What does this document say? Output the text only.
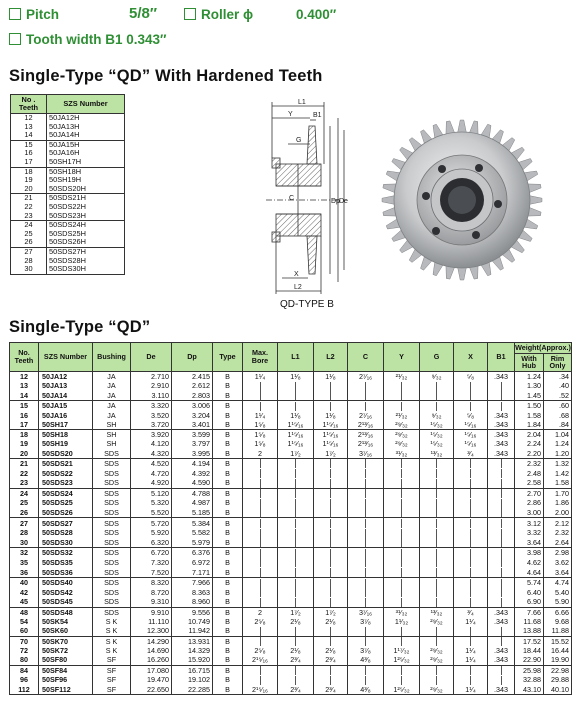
Pitch	5/8″	Roller ϕ	0.400″
Tooth width B1 0.343″
Single-Type “QD” With Hardened Teeth
No . Teeth	SZS Number
12	50JA12H
13	50JA13H
14	50JA14H
15	50JA15H
16	50JA16H
17	50SH17H
18	50SH18H
19	50SH19H
20	50SDS20H
21	50SDS21H
22	50SDS22H
23	50SDS23H
24	50SDS24H
25	50SDS25H
26	50SDS26H
27	50SDS27H
28	50SDS28H
30	50SDS30H
L1
Y	B1
G
C	Dp De
X
L2
QD-TYPE B
Single-Type “QD”
No. Teeth	SZS Number	Bushing	De	Dp	Type	Max. Bore	L1	L2	C	Y	G	X	B1	Weight(Approx.)	
														With Hub	Rim Only
12	50JA12	JA	2.710	2.415	B	1¹⁄₄	1¹⁄₈	1¹⁄₈	2⁷⁄₁₆	²¹⁄₃₂	⁹⁄₃₂	⁵⁄₈	.343	1.24	.34
13	50JA13	JA	2.910	2.612	B									1.30	.40
14	50JA14	JA	3.110	2.803	B									1.45	.52
15	50JA15	JA	3.320	3.006	B									1.50	.60
16	50JA16	JA	3.520	3.204	B	1¹⁄₄	1¹⁄₈	1¹⁄₈	2⁷⁄₁₆	²¹⁄₃₂	⁹⁄₃₂	⁵⁄₈	.343	1.58	.68
17	50SH17	SH	3.720	3.401	B	1⁵⁄₈	1¹⁵⁄₁₆	1¹⁵⁄₁₆	2¹³⁄₁₆	²⁹⁄₃₂	¹⁵⁄₃₂	¹⁵⁄₁₆	.343	1.84	.84
18	50SH18	SH	3.920	3.599	B	1⁵⁄₈	1¹⁵⁄₁₆	1¹⁵⁄₁₆	2¹³⁄₁₆	²⁹⁄₃₂	¹⁵⁄₃₂	¹⁵⁄₁₆	.343	2.04	1.04
19	50SH19	SH	4.120	3.797	B	1⁵⁄₈	1¹⁵⁄₁₆	1¹⁵⁄₁₆	2¹³⁄₁₆	²⁹⁄₃₂	¹⁵⁄₃₂	¹⁵⁄₁₆	.343	2.24	1.24
20	50SDS20	SDS	4.320	3.995	B	2	1⁷⁄₂	1⁷⁄₂	3⁷⁄₁₆	³¹⁄₃₂	¹³⁄₃₂	³⁄₄	.343	2.20	1.20
21	50SDS21	SDS	4.520	4.194	B									2.32	1.32
22	50SDS22	SDS	4.720	4.392	B									2.48	1.42
23	50SDS23	SDS	4.920	4.590	B									2.58	1.58
24	50SDS24	SDS	5.120	4.788	B									2.70	1.70
25	50SDS25	SDS	5.320	4.987	B									2.86	1.86
26	50SDS26	SDS	5.520	5.185	B									3.00	2.00
27	50SDS27	SDS	5.720	5.384	B									3.12	2.12
28	50SDS28	SDS	5.920	5.582	B									3.32	2.32
30	50SDS30	SDS	6.320	5.979	B									3.64	2.64
32	50SDS32	SDS	6.720	6.376	B									3.98	2.98
35	50SDS35	SDS	7.320	6.972	B									4.62	3.62
36	50SDS36	SDS	7.520	7.171	B									4.64	3.64
40	50SDS40	SDS	8.320	7.966	B									5.74	4.74
42	50SDS42	SDS	8.720	8.363	B									6.40	5.40
45	50SDS45	SDS	9.310	8.960	B									6.90	5.90
48	50SDS48	SDS	9.910	9.556	B	2	1⁷⁄₂	1⁷⁄₂	3⁷⁄₁₆	³¹⁄₃₂	¹³⁄₃₂	³⁄₄	.343	7.66	6.66
54	50SK54	S K	11.110	10.749	B	2⁵⁄₈	2¹⁄₈	2¹⁄₈	3⁷⁄₈	1¹⁄₃₂	²⁹⁄₃₂	1¹⁄₄	.343	11.68	9.68
60	50SK60	S K	12.300	11.942	B									13.88	11.88
70	50SK70	S K	14.290	13.931	B									17.52	15.52
72	50SK72	S K	14.690	14.329	B	2⁵⁄₈	2¹⁄₈	2¹⁄₈	3⁷⁄₈	1¹⁷⁄₃₂	²⁹⁄₃₂	1¹⁄₄	.343	18.44	16.44
80	50SF80	SF	16.260	15.920	B	2¹⁵⁄₁₆	2³⁄₄	2³⁄₄	4³⁄₈	1²⁵⁄₃₂	²⁹⁄₃₂	1¹⁄₄	.343	22.90	19.90
84	50SF84	SF	17.080	16.715	B									25.98	22.98
96	50SF96	SF	19.470	19.102	B									32.88	29.88
112	50SF112	SF	22.650	22.285	B	2¹⁵⁄₁₆	2³⁄₄	2³⁄₄	4³⁄₈	1²⁵⁄₃₂	²⁹⁄₃₂	1¹⁄₄	.343	43.10	40.10
